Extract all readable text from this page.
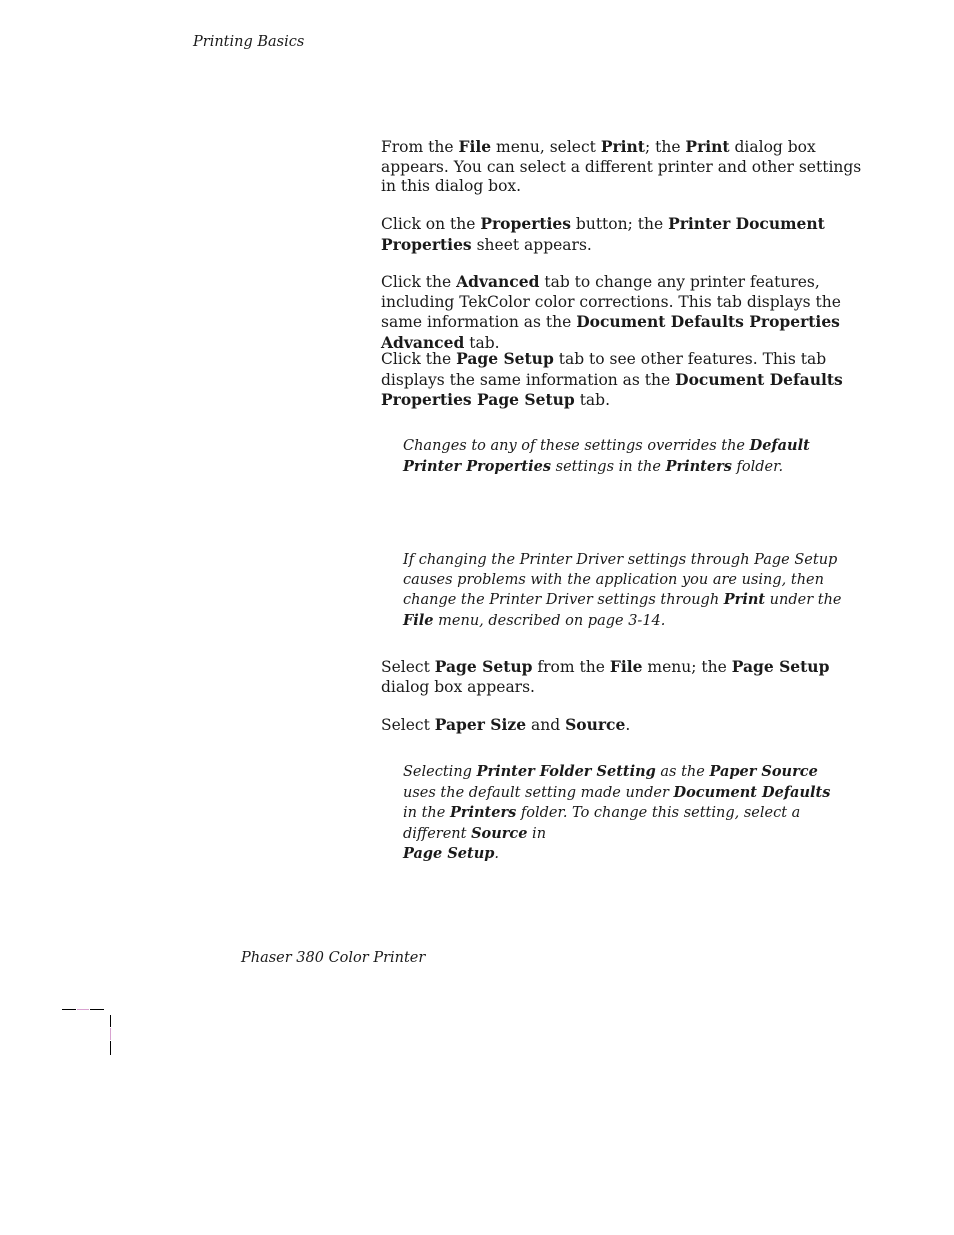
Printing Basics

From the File menu, select Print; the Print dialog box appears. You can select a different printer and other settings in this dialog box.

Click on the Properties button; the Printer Document Properties sheet appears.

Click the Advanced tab to change any printer features, including TekColor color corrections. This tab displays the same information as the Document Defaults Properties Advanced tab.

Click the Page Setup tab to see other features. This tab displays the same information as the Document Defaults Properties Page Setup tab.

Changes to any of these settings overrides the Default Printer Properties settings in the Printers folder.

If changing the Printer Driver settings through Page Setup causes problems with the application you are using, then change the Printer Driver settings through Print under the File menu, described on page 3-14.

Select Page Setup from the File menu; the Page Setup dialog box appears.

Select Paper Size and Source.

Selecting Printer Folder Setting as the Paper Source uses the default setting made under Document Defaults in the Printers folder. To change this setting, select a different Source in
Page Setup.

Phaser 380 Color Printer
